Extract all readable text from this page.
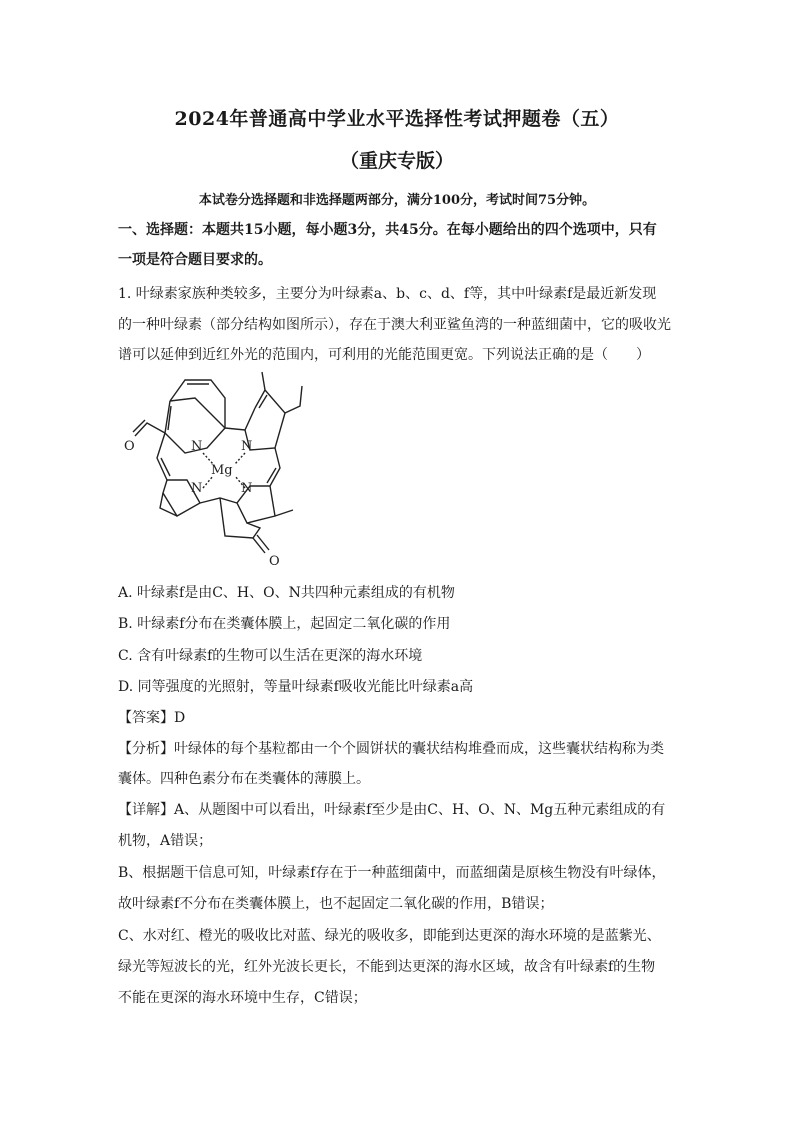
2024年普通高中学业水平选择性考试押题卷（五）
（重庆专版）
本试卷分选择题和非选择题两部分，满分100分，考试时间75分钟。
一、选择题：本题共15小题，每小题3分，共45分。在每小题给出的四个选项中，只有
一项是符合题目要求的。
1. 叶绿素家族种类较多，主要分为叶绿素a、b、c、d、f等，其中叶绿素f是最近新发现
的一种叶绿素（部分结构如图所示），存在于澳大利亚鲨鱼湾的一种蓝细菌中，它的吸收光
谱可以延伸到近红外光的范围内，可利用的光能范围更宽。下列说法正确的是（　　）
N	N
Mg
N	N
O
O
A. 叶绿素f是由C、H、O、N共四种元素组成的有机物
B. 叶绿素f分布在类囊体膜上，起固定二氧化碳的作用
C. 含有叶绿素f的生物可以生活在更深的海水环境
D. 同等强度的光照射，等量叶绿素f吸收光能比叶绿素a高
【答案】D
【分析】叶绿体的每个基粒都由一个个圆饼状的囊状结构堆叠而成，这些囊状结构称为类
囊体。四种色素分布在类囊体的薄膜上。
【详解】A、从题图中可以看出，叶绿素f至少是由C、H、O、N、Mg五种元素组成的有
机物，A错误；
B、根据题干信息可知，叶绿素f存在于一种蓝细菌中，而蓝细菌是原核生物没有叶绿体，
故叶绿素f不分布在类囊体膜上，也不起固定二氧化碳的作用，B错误；
C、水对红、橙光的吸收比对蓝、绿光的吸收多，即能到达更深的海水环境的是蓝紫光、
绿光等短波长的光，红外光波长更长，不能到达更深的海水区域，故含有叶绿素f的生物
不能在更深的海水环境中生存，C错误；
